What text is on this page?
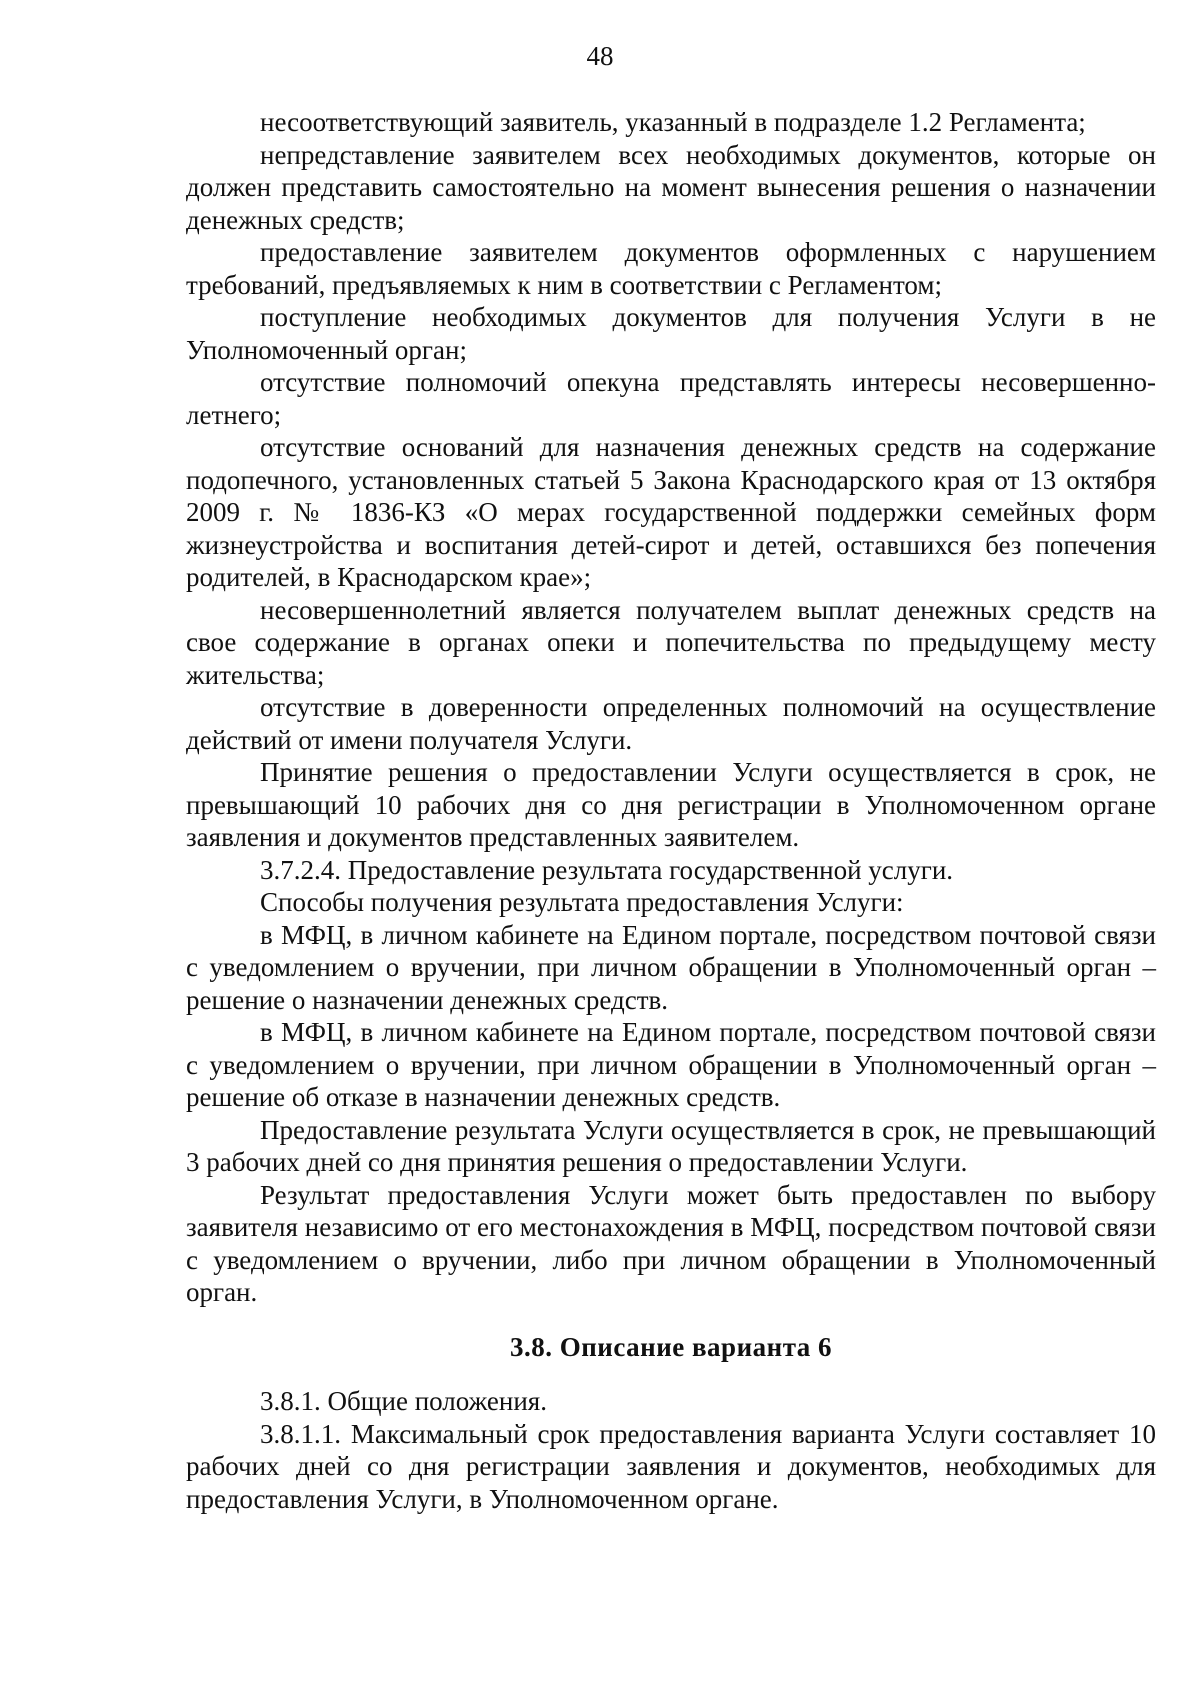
48

несоответствующий заявитель, указанный в подразделе 1.2 Регламента;

непредставление заявителем всех необходимых документов, которые он должен представить самостоятельно на момент вынесения решения о назначении денежных средств;

предоставление заявителем документов оформленных с нарушением требований, предъявляемых к ним в соответствии с Регламентом;

поступление необходимых документов для получения Услуги в не Уполномоченный орган;

отсутствие полномочий опекуна представлять интересы несовершенно-летнего;

отсутствие оснований для назначения денежных средств на содержание подопечного, установленных статьей 5 Закона Краснодарского края от 13 октября 2009 г. № 1836-КЗ «О мерах государственной поддержки семейных форм жизнеустройства и воспитания детей-сирот и детей, оставшихся без попечения родителей, в Краснодарском крае»;

несовершеннолетний является получателем выплат денежных средств на свое содержание в органах опеки и попечительства по предыдущему месту жительства;

отсутствие в доверенности определенных полномочий на осуществление действий от имени получателя Услуги.

Принятие решения о предоставлении Услуги осуществляется в срок, не превышающий 10 рабочих дня со дня регистрации в Уполномоченном органе заявления и документов представленных заявителем.

3.7.2.4. Предоставление результата государственной услуги.

Способы получения результата предоставления Услуги:

в МФЦ, в личном кабинете на Едином портале, посредством почтовой связи с уведомлением о вручении, при личном обращении в Уполномоченный орган – решение о назначении денежных средств.

в МФЦ, в личном кабинете на Едином портале, посредством почтовой связи с уведомлением о вручении, при личном обращении в Уполномоченный орган – решение об отказе в назначении денежных средств.

Предоставление результата Услуги осуществляется в срок, не превышающий 3 рабочих дней со дня принятия решения о предоставлении Услуги.

Результат предоставления Услуги может быть предоставлен по выбору заявителя независимо от его местонахождения в МФЦ, посредством почтовой связи с уведомлением о вручении, либо при личном обращении в Уполномоченный орган.

3.8. Описание варианта 6

3.8.1. Общие положения.

3.8.1.1. Максимальный срок предоставления варианта Услуги составляет 10 рабочих дней со дня регистрации заявления и документов, необходимых для предоставления Услуги, в Уполномоченном органе.
